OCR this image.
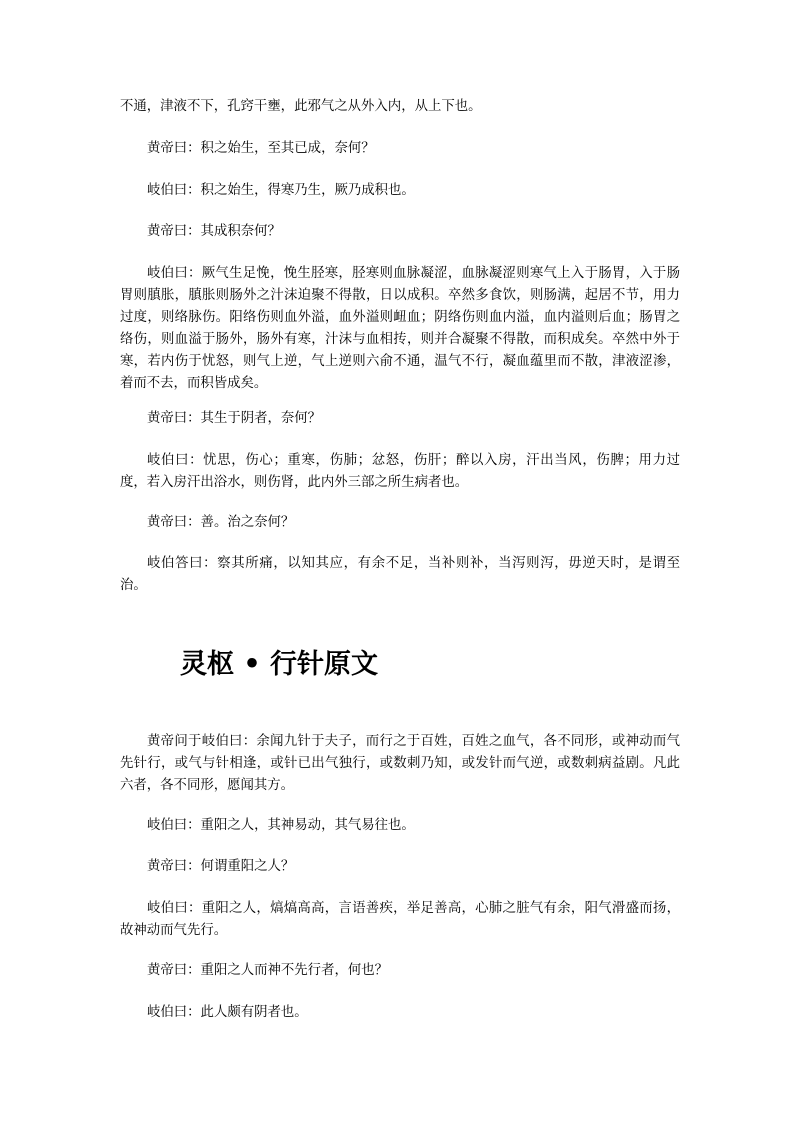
不通，津液不下，孔窍干壅，此邪气之从外入内，从上下也。

黄帝曰：积之始生，至其已成，奈何？

岐伯曰：积之始生，得寒乃生，厥乃成积也。

黄帝曰：其成积奈何？

岐伯曰：厥气生足悗，悗生胫寒，胫寒则血脉凝涩，血脉凝涩则寒气上入于肠胃，入于肠胃则䐜胀，䐜胀则肠外之汁沫迫聚不得散，日以成积。卒然多食饮，则肠满，起居不节，用力过度，则络脉伤。阳络伤则血外溢，血外溢则衄血；阴络伤则血内溢，血内溢则后血；肠胃之络伤，则血溢于肠外，肠外有寒，汁沫与血相抟，则并合凝聚不得散，而积成矣。卒然中外于寒，若内伤于忧怒，则气上逆，气上逆则六俞不通，温气不行，凝血蕴里而不散，津液涩渗，着而不去，而积皆成矣。

黄帝曰：其生于阴者，奈何？

岐伯曰：忧思，伤心；重寒，伤肺；忿怒，伤肝；醉以入房，汗出当风，伤脾；用力过度，若入房汗出浴水，则伤肾，此内外三部之所生病者也。

黄帝曰：善。治之奈何？

岐伯答曰：察其所痛，以知其应，有余不足，当补则补，当泻则泻，毋逆天时，是谓至治。

灵枢 • 行针原文

黄帝问于岐伯曰：余闻九针于夫子，而行之于百姓，百姓之血气，各不同形，或神动而气先针行，或气与针相逢，或针已出气独行，或数刺乃知，或发针而气逆，或数刺病益剧。凡此六者，各不同形，愿闻其方。

岐伯曰：重阳之人，其神易动，其气易往也。

黄帝曰：何谓重阳之人？

岐伯曰：重阳之人，熇熇高高，言语善疾，举足善高，心肺之脏气有余，阳气滑盛而扬，故神动而气先行。

黄帝曰：重阳之人而神不先行者，何也？

岐伯曰：此人颇有阴者也。
